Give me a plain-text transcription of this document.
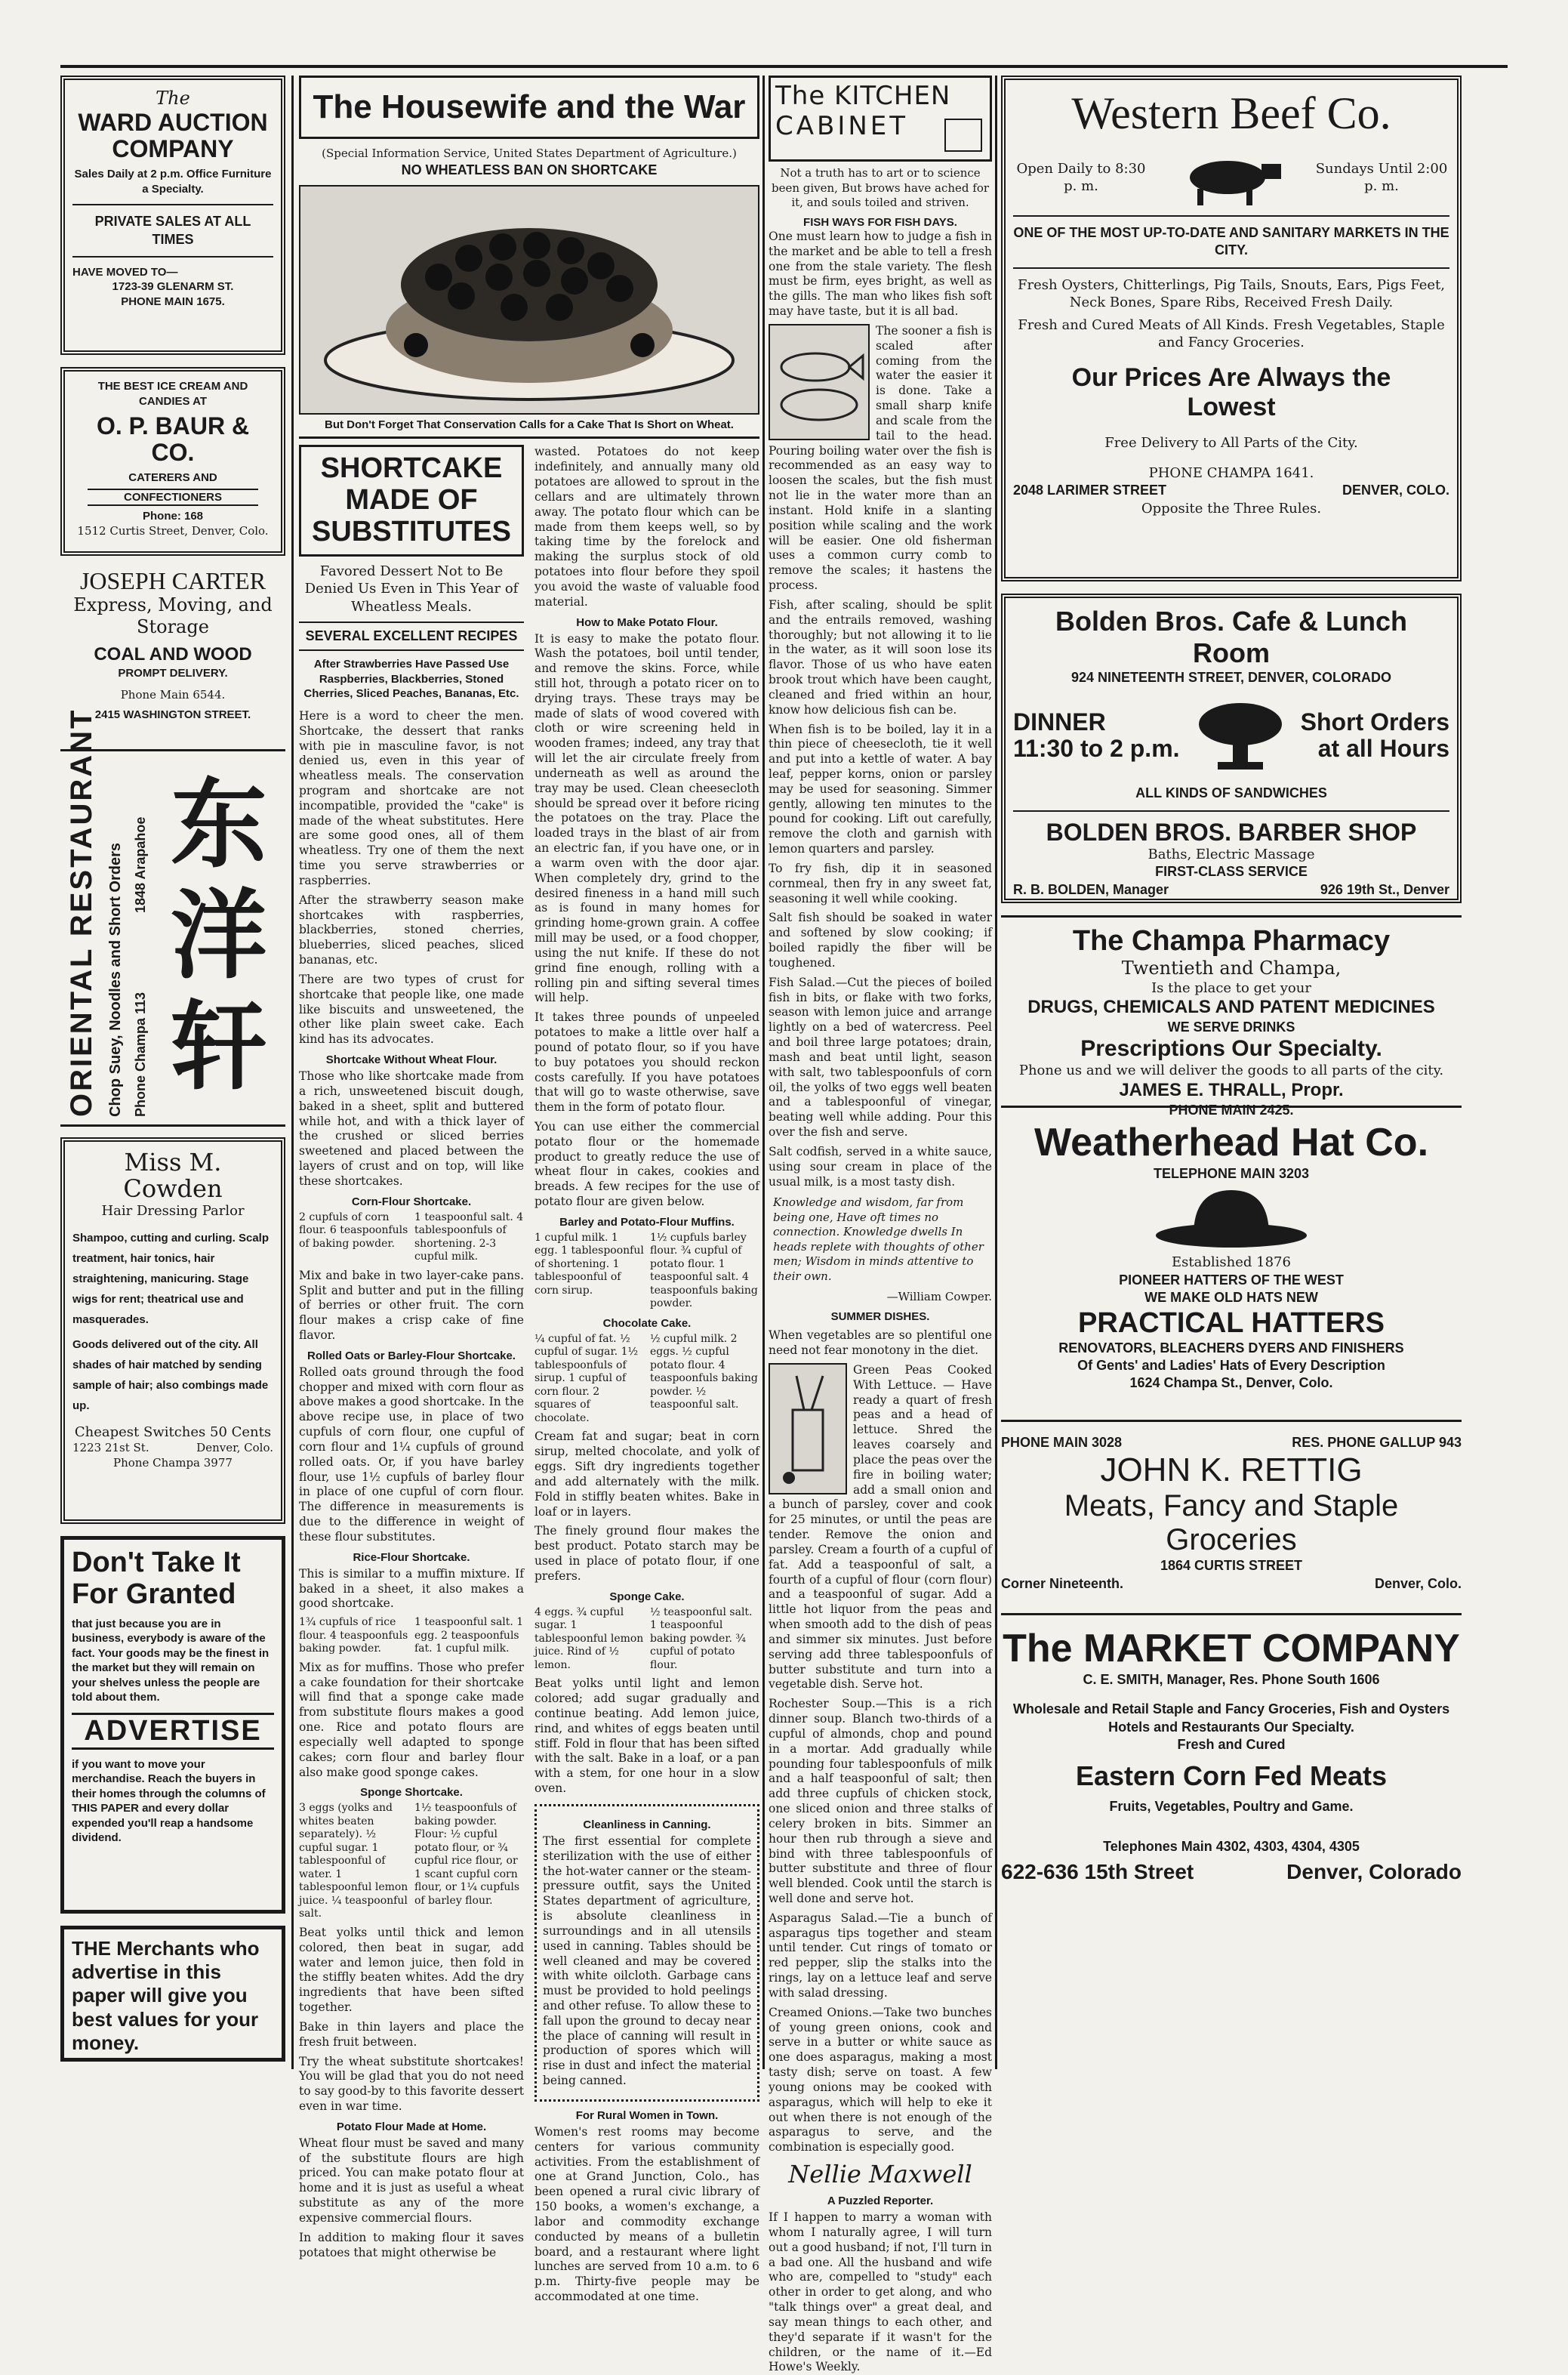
The
WARD AUCTION COMPANY
Sales Daily at 2 p.m. Office Furniture a Specialty.
PRIVATE SALES AT ALL TIMES
HAVE MOVED TO—
1723-39 GLENARM ST.
PHONE MAIN 1675.
THE BEST ICE CREAM AND CANDIES AT
O. P. BAUR & CO.
CATERERS AND
CONFECTIONERS
Phone: 168
1512 Curtis Street, Denver, Colo.
JOSEPH CARTER
Express, Moving, and Storage
COAL AND WOOD
PROMPT DELIVERY.
Phone Main 6544.
2415 WASHINGTON STREET.
ORIENTAL RESTAURANT Chop Suey, Noodles and Short Orders Phone Champa 113
1848 Arapahoe 东洋轩
Miss M. Cowden
Hair Dressing Parlor
Shampoo, cutting and curling. Scalp treatment, hair tonics, hair straightening, manicuring. Stage wigs for rent; theatrical use and masquerades.
Goods delivered out of the city. All shades of hair matched by sending sample of hair; also combings made up.
Cheapest Switches 50 Cents
1223 21st St.	Denver, Colo.
Phone Champa 3977
Don't Take It For Granted
that just because you are in business, everybody is aware of the fact. Your goods may be the finest in the market but they will remain on your shelves unless the people are told about them.
ADVERTISE
if you want to move your merchandise. Reach the buyers in their homes through the columns of THIS PAPER and every dollar expended you'll reap a handsome dividend.
THE Merchants who advertise in this paper will give you best values for your money.
The Housewife and the War
(Special Information Service, United States Department of Agriculture.)
NO WHEATLESS BAN ON SHORTCAKE
But Don't Forget That Conservation Calls for a Cake That Is Short on Wheat.
SHORTCAKE MADE OF SUBSTITUTES
Favored Dessert Not to Be Denied Us Even in This Year of Wheatless Meals.
SEVERAL EXCELLENT RECIPES
After Strawberries Have Passed Use Raspberries, Blackberries, Stoned Cherries, Sliced Peaches, Bananas, Etc.

Here is a word to cheer the men. Shortcake, the dessert that ranks with pie in masculine favor, is not denied us, even in this year of wheatless meals. The conservation program and shortcake are not incompatible, provided the "cake" is made of the wheat substitutes. Here are some good ones, all of them wheatless. Try one of them the next time you serve strawberries or raspberries.

After the strawberry season make shortcakes with raspberries, blackberries, stoned cherries, blueberries, sliced peaches, sliced bananas, etc.

There are two types of crust for shortcake that people like, one made like biscuits and unsweetened, the other like plain sweet cake. Each kind has its advocates.

Shortcake Without Wheat Flour.

Those who like shortcake made from a rich, unsweetened biscuit dough, baked in a sheet, split and buttered while hot, and with a thick layer of the crushed or sliced berries sweetened and placed between the layers of crust and on top, will like these shortcakes.

Corn-Flour Shortcake.
2 cupfuls of corn flour. 6 teaspoonfuls of baking powder.
1 teaspoonful salt. 4 tablespoonfuls of shortening. 2-3 cupful milk.

Mix and bake in two layer-cake pans. Split and butter and put in the filling of berries or other fruit. The corn flour makes a crisp cake of fine flavor.

Rolled Oats or Barley-Flour Shortcake.

Rolled oats ground through the food chopper and mixed with corn flour as above makes a good shortcake. In the above recipe use, in place of two cupfuls of corn flour, one cupful of corn flour and 1¼ cupfuls of ground rolled oats. Or, if you have barley flour, use 1½ cupfuls of barley flour in place of one cupful of corn flour. The difference in measurements is due to the difference in weight of these flour substitutes.

Rice-Flour Shortcake.

This is similar to a muffin mixture. If baked in a sheet, it also makes a good shortcake.

1¾ cupfuls of rice flour. 4 teaspoonfuls baking powder.
1 teaspoonful salt. 1 egg. 2 teaspoonfuls fat. 1 cupful milk.

Mix as for muffins. Those who prefer a cake foundation for their shortcake will find that a sponge cake made from substitute flours makes a good one. Rice and potato flours are especially well adapted to sponge cakes; corn flour and barley flour also make good sponge cakes.

Sponge Shortcake.
3 eggs (yolks and whites beaten separately). ½ cupful sugar. 1 tablespoonful of water. 1 tablespoonful lemon juice. ¼ teaspoonful salt.
1½ teaspoonfuls of baking powder. Flour: ½ cupful potato flour, or ¾ cupful rice flour, or 1 scant cupful corn flour, or 1¼ cupfuls of barley flour.

Beat yolks until thick and lemon colored, then beat in sugar, add water and lemon juice, then fold in the stiffly beaten whites. Add the dry ingredients that have been sifted together.

Bake in thin layers and place the fresh fruit between.

Try the wheat substitute shortcakes! You will be glad that you do not need to say good-by to this favorite dessert even in war time.

Potato Flour Made at Home.

Wheat flour must be saved and many of the substitute flours are high priced. You can make potato flour at home and it is just as useful a wheat substitute as any of the more expensive commercial flours.

In addition to making flour it saves potatoes that might otherwise be

wasted. Potatoes do not keep indefinitely, and annually many old potatoes are allowed to sprout in the cellars and are ultimately thrown away. The potato flour which can be made from them keeps well, so by taking time by the forelock and making the surplus stock of old potatoes into flour before they spoil you avoid the waste of valuable food material.

How to Make Potato Flour.

It is easy to make the potato flour. Wash the potatoes, boil until tender, and remove the skins. Force, while still hot, through a potato ricer on to drying trays. These trays may be made of slats of wood covered with cloth or wire screening held in wooden frames; indeed, any tray that will let the air circulate freely from underneath as well as around the tray may be used. Clean cheesecloth should be spread over it before ricing the potatoes on the tray. Place the loaded trays in the blast of air from an electric fan, if you have one, or in a warm oven with the door ajar. When completely dry, grind to the desired fineness in a hand mill such as is found in many homes for grinding home-grown grain. A coffee mill may be used, or a food chopper, using the nut knife. If these do not grind fine enough, rolling with a rolling pin and sifting several times will help.

It takes three pounds of unpeeled potatoes to make a little over half a pound of potato flour, so if you have to buy potatoes you should reckon costs carefully. If you have potatoes that will go to waste otherwise, save them in the form of potato flour.

You can use either the commercial potato flour or the homemade product to greatly reduce the use of wheat flour in cakes, cookies and breads. A few recipes for the use of potato flour are given below.

Barley and Potato-Flour Muffins.
1 cupful milk. 1 egg. 1 tablespoonful of shortening. 1 tablespoonful of corn sirup.
1½ cupfuls barley flour. ¾ cupful of potato flour. 1 teaspoonful salt. 4 teaspoonfuls baking powder.
Chocolate Cake.
¼ cupful of fat. ½ cupful of sugar. 1½ tablespoonfuls of sirup. 1 cupful of corn flour. 2 squares of chocolate.
½ cupful milk. 2 eggs. ½ cupful potato flour. 4 teaspoonfuls baking powder. ½ teaspoonful salt.

Cream fat and sugar; beat in corn sirup, melted chocolate, and yolk of eggs. Sift dry ingredients together and add alternately with the milk. Fold in stiffly beaten whites. Bake in loaf or in layers.

The finely ground flour makes the best product. Potato starch may be used in place of potato flour, if one prefers.

Sponge Cake.
4 eggs. ¾ cupful sugar. 1 tablespoonful lemon juice. Rind of ½ lemon.
½ teaspoonful salt. 1 teaspoonful baking powder. ¾ cupful of potato flour.

Beat yolks until light and lemon colored; add sugar gradually and continue beating. Add lemon juice, rind, and whites of eggs beaten until stiff. Fold in flour that has been sifted with the salt. Bake in a loaf, or a pan with a stem, for one hour in a slow oven.

Cleanliness in Canning.

The first essential for complete sterilization with the use of either the hot-water canner or the steam-pressure outfit, says the United States department of agriculture, is absolute cleanliness in surroundings and in all utensils used in canning. Tables should be well cleaned and may be covered with white oilcloth. Garbage cans must be provided to hold peelings and other refuse. To allow these to fall upon the ground to decay near the place of canning will result in production of spores which will rise in dust and infect the material being canned.

For Rural Women in Town.

Women's rest rooms may become centers for various community activities. From the establishment of one at Grand Junction, Colo., has been opened a rural civic library of 150 books, a women's exchange, a labor and commodity exchange conducted by means of a bulletin board, and a restaurant where light lunches are served from 10 a.m. to 6 p.m. Thirty-five people may be accommodated at one time.

The KITCHEN
CABINET
Not a truth has to art or to science been given, But brows have ached for it, and souls toiled and striven.
FISH WAYS FOR FISH DAYS.

One must learn how to judge a fish in the market and be able to tell a fresh one from the stale variety. The flesh must be firm, eyes bright, as well as the gills. The man who likes fish soft may have taste, but it is all bad.

The sooner a fish is scaled after coming from the water the easier it is done. Take a small sharp knife and scale from the tail to the head. Pouring boiling water over the fish is recommended as an easy way to loosen the scales, but the fish must not lie in the water more than an instant. Hold knife in a slanting position while scaling and the work will be easier. One old fisherman uses a common curry comb to remove the scales; it hastens the process.

Fish, after scaling, should be split and the entrails removed, washing thoroughly; but not allowing it to lie in the water, as it will soon lose its flavor. Those of us who have eaten brook trout which have been caught, cleaned and fried within an hour, know how delicious fish can be.

When fish is to be boiled, lay it in a thin piece of cheesecloth, tie it well and put into a kettle of water. A bay leaf, pepper korns, onion or parsley may be used for seasoning. Simmer gently, allowing ten minutes to the pound for cooking. Lift out carefully, remove the cloth and garnish with lemon quarters and parsley.

To fry fish, dip it in seasoned cornmeal, then fry in any sweet fat, seasoning it well while cooking.

Salt fish should be soaked in water and softened by slow cooking; if boiled rapidly the fiber will be toughened.

Fish Salad.—Cut the pieces of boiled fish in bits, or flake with two forks, season with lemon juice and arrange lightly on a bed of watercress. Peel and boil three large potatoes; drain, mash and beat until light, season with salt, two tablespoonfuls of corn oil, the yolks of two eggs well beaten and a tablespoonful of vinegar, beating well while adding. Pour this over the fish and serve.

Salt codfish, served in a white sauce, using sour cream in place of the usual milk, is a most tasty dish.

Knowledge and wisdom, far from being one, Have oft times no connection. Knowledge dwells In heads replete with thoughts of other men; Wisdom in minds attentive to their own.
—William Cowper.
SUMMER DISHES.

When vegetables are so plentiful one need not fear monotony in the diet.

Green Peas Cooked With Lettuce. — Have ready a quart of fresh peas and a head of lettuce. Shred the leaves coarsely and place the peas over the fire in boiling water; add a small onion and a bunch of parsley, cover and cook for 25 minutes, or until the peas are tender. Remove the onion and parsley. Cream a fourth of a cupful of fat. Add a teaspoonful of salt, a fourth of a cupful of flour (corn flour) and a teaspoonful of sugar. Add a little hot liquor from the peas and when smooth add to the dish of peas and simmer six minutes. Just before serving add three tablespoonfuls of butter substitute and turn into a vegetable dish. Serve hot.

Rochester Soup.—This is a rich dinner soup. Blanch two-thirds of a cupful of almonds, chop and pound in a mortar. Add gradually while pounding four tablespoonfuls of milk and a half teaspoonful of salt; then add three cupfuls of chicken stock, one sliced onion and three stalks of celery broken in bits. Simmer an hour then rub through a sieve and bind with three tablespoonfuls of butter substitute and three of flour well blended. Cook until the starch is well done and serve hot.

Asparagus Salad.—Tie a bunch of asparagus tips together and steam until tender. Cut rings of tomato or red pepper, slip the stalks into the rings, lay on a lettuce leaf and serve with salad dressing.

Creamed Onions.—Take two bunches of young green onions, cook and serve in a butter or white sauce as one does asparagus, making a most tasty dish; serve on toast. A few young onions may be cooked with asparagus, which will help to eke it out when there is not enough of the asparagus to serve, and the combination is especially good.

Nellie Maxwell
A Puzzled Reporter.

If I happen to marry a woman with whom I naturally agree, I will turn out a good husband; if not, I'll turn in a bad one. All the husband and wife who are, compelled to "study" each other in order to get along, and who "talk things over" a great deal, and say mean things to each other, and they'd separate if it wasn't for the children, or the name of it.—Ed Howe's Weekly.

Western Beef Co.
Open Daily to 8:30 p. m.
Sundays Until 2:00 p. m.
ONE OF THE MOST UP-TO-DATE AND SANITARY MARKETS IN THE CITY.
Fresh Oysters, Chitterlings, Pig Tails, Snouts, Ears, Pigs Feet, Neck Bones, Spare Ribs, Received Fresh Daily.
Fresh and Cured Meats of All Kinds. Fresh Vegetables, Staple and Fancy Groceries.
Our Prices Are Always the Lowest
Free Delivery to All Parts of the City.
PHONE CHAMPA 1641.
2048 LARIMER STREET	DENVER, COLO.
Opposite the Three Rules.
Bolden Bros. Cafe & Lunch Room
924 NINETEENTH STREET, DENVER, COLORADO
DINNER
11:30 to 2 p.m.
Short Orders
at all Hours
ALL KINDS OF SANDWICHES
BOLDEN BROS. BARBER SHOP
Baths, Electric Massage
FIRST-CLASS SERVICE
R. B. BOLDEN, Manager	926 19th St., Denver
The Champa Pharmacy
Twentieth and Champa,
Is the place to get your
DRUGS, CHEMICALS AND PATENT MEDICINES
WE SERVE DRINKS
Prescriptions Our Specialty.
Phone us and we will deliver the goods to all parts of the city.
JAMES E. THRALL, Propr.
PHONE MAIN 2425.
Weatherhead Hat Co.
TELEPHONE MAIN 3203
Established 1876
PIONEER HATTERS OF THE WEST
WE MAKE OLD HATS NEW
PRACTICAL HATTERS
RENOVATORS, BLEACHERS DYERS AND FINISHERS
Of Gents' and Ladies' Hats of Every Description
1624 Champa St., Denver, Colo.
PHONE MAIN 3028	RES. PHONE GALLUP 943
JOHN K. RETTIG
Meats, Fancy and Staple Groceries
1864 CURTIS STREET
Corner Nineteenth.	Denver, Colo.
The MARKET COMPANY
C. E. SMITH, Manager, Res. Phone South 1606
Wholesale and Retail Staple and Fancy Groceries, Fish and Oysters
Hotels and Restaurants Our Specialty.
Fresh and Cured
Eastern Corn Fed Meats
Fruits, Vegetables, Poultry and Game.
Telephones Main 4302, 4303, 4304, 4305
622-636 15th Street	Denver, Colorado
